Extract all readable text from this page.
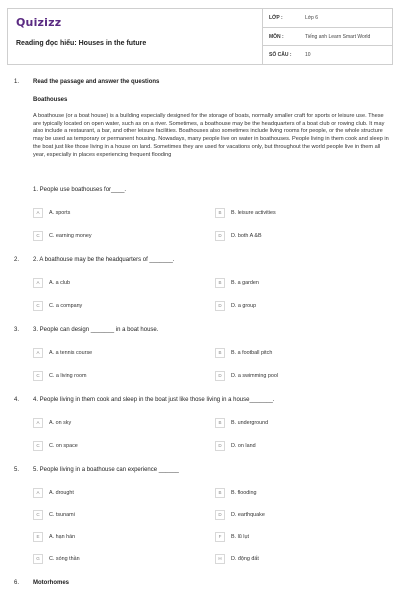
Quizizz
Reading đọc hiểu: Houses in the future
LỚP :	Lớp 6
MÔN :	Tiếng anh Learn Smart World
SỐ CÂU :	10
1. Read the passage and answer the questions
Boathouses
A boathouse (or a boat house) is a building especially designed for the storage of boats, normally smaller craft for sports or leisure use. These are typically located on open water, such as on a river. Sometimes, a boathouse may be the headquarters of a boat club or rowing club. It may also include a restaurant, a bar, and other leisure facilities. Boathouses also sometimes include living rooms for people, or the whole structure may be used as temporary or permanent housing. Nowadays, many people live on water in boathouses. People living in them cook and sleep in the boat just like those living in a house on land. Sometimes they are used for vacations only, but throughout the world people live in them all year, especially in places experiencing frequent flooding
1. People use boathouses for____.
A	A. sports	B	B. leisure activities
C	C. earning money	D	D. both A &B
2. 2. A boathouse may be the headquarters of _______.
A	A. a club	B	B. a garden
C	C. a company	D	D. a group
3. 3. People can design _______ in a boat house.
A	A. a tennis course	B	B. a football pitch
C	C. a living room	D	D. a swimming pool
4. 4. People living in them cook and sleep in the boat just like those living in a house_______.
A	A. on sky	B	B. underground
C	C. on space	D	D. on land
5. 5. People living in a boathouse can experience ______
A	A. drought	B	B. flooding
C	C. tsunami	D	D. earthquake
E	A. hạn hán	F	B. lũ lụt
G	C. sóng thần	H	D. động đất
6. Motorhomes
